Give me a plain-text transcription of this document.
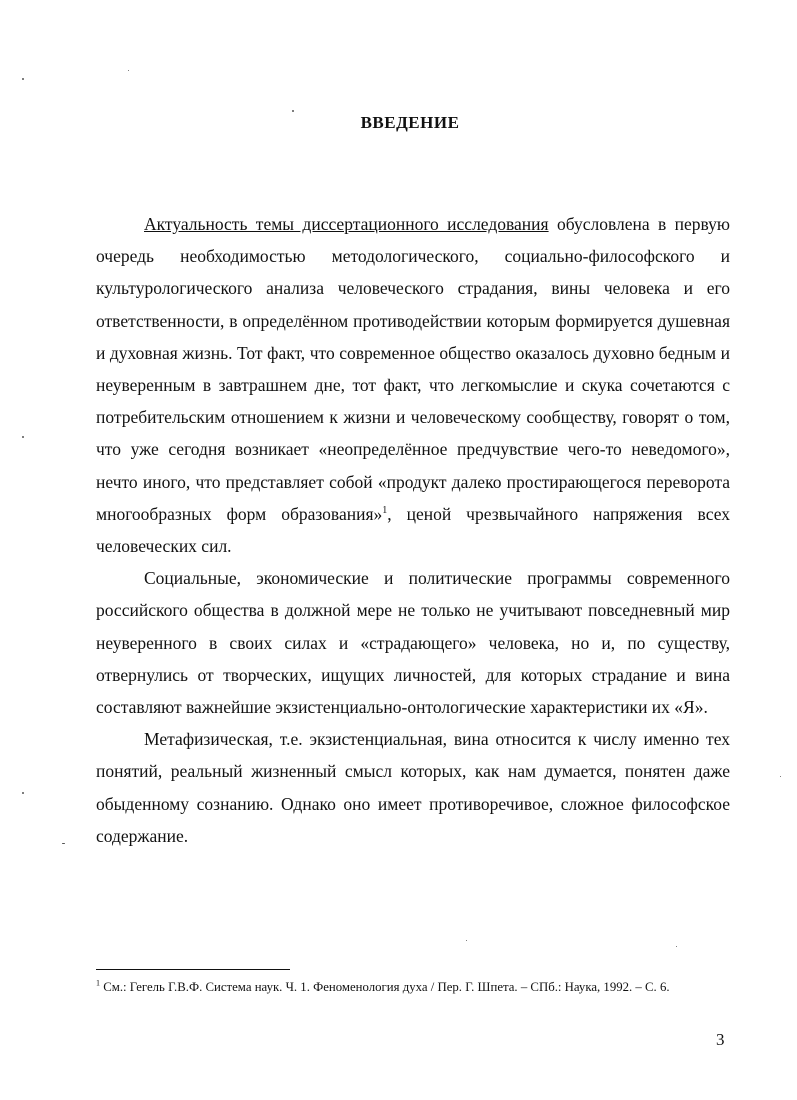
ВВЕДЕНИЕ

Актуальность темы диссертационного исследования обусловлена в первую очередь необходимостью методологического, социально-философского и культурологического анализа человеческого страдания, вины человека и его ответственности, в определённом противодействии которым формируется душевная и духовная жизнь. Тот факт, что современное общество оказалось духовно бедным и неуверенным в завтрашнем дне, тот факт, что легкомыслие и скука сочетаются с потребительским отношением к жизни и человеческому сообществу, говорят о том, что уже сегодня возникает «неопределённое предчувствие чего-то неведомого», нечто иного, что представляет собой «продукт далеко простирающегося переворота многообразных форм образования»$^1$, ценой чрезвычайного напряжения всех человеческих сил.

Социальные, экономические и политические программы современного российского общества в должной мере не только не учитывают повседневный мир неуверенного в своих силах и «страдающего» человека, но и, по существу, отвернулись от творческих, ищущих личностей, для которых страдание и вина составляют важнейшие экзистенциально-онтологические характеристики их «Я».

Метафизическая, т.е. экзистенциальная, вина относится к числу именно тех понятий, реальный жизненный смысл которых, как нам думается, понятен даже обыденному сознанию. Однако оно имеет противоречивое, сложное философское содержание.

$^1$ См.: Гегель Г.В.Ф. Система наук. Ч. 1. Феноменология духа / Пер. Г. Шпета. – СПб.: Наука, 1992. – С. 6.
3
